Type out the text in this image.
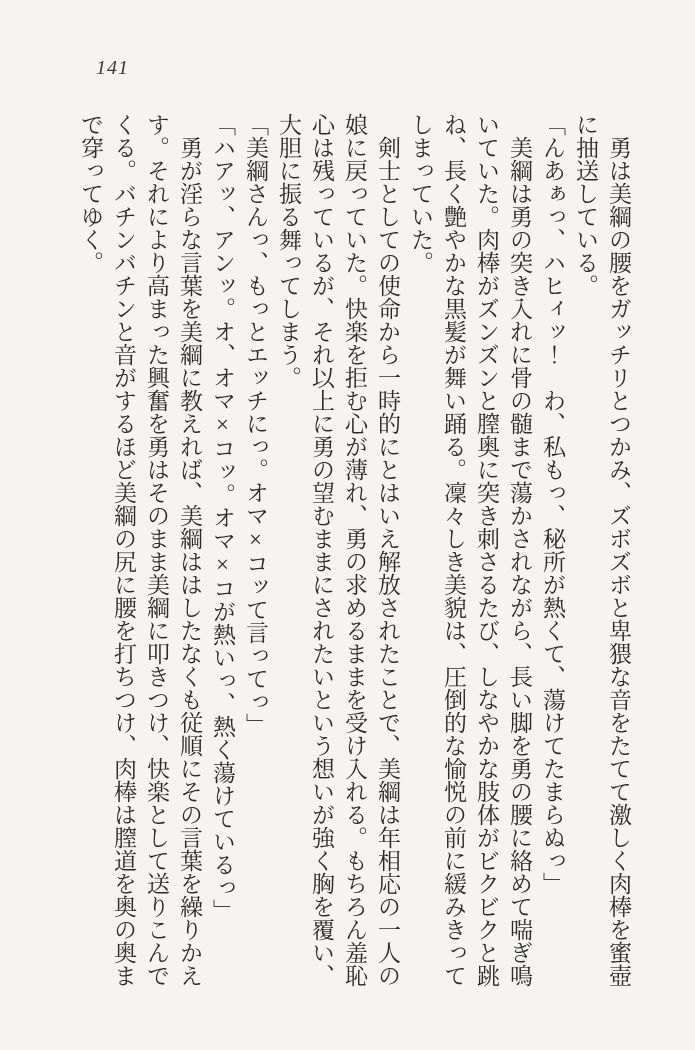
141

勇は美綱の腰をガッチリとつかみ、ズボズボと卑猥な音をたてて激しく肉棒を蜜壺に抽送している。

「んあぁっ、ハヒィッ！　わ、私もっ、秘所が熱くて、蕩けてたまらぬっ」

美綱は勇の突き入れに骨の髄まで蕩かされながら、長い脚を勇の腰に絡めて喘ぎ鳴いていた。肉棒がズンズンと膣奥に突き刺さるたび、しなやかな肢体がビクビクと跳ね、長く艶やかな黒髪が舞い踊る。凜々しき美貌は、圧倒的な愉悦の前に緩みきってしまっていた。

剣士としての使命から一時的にとはいえ解放されたことで、美綱は年相応の一人の娘に戻っていた。快楽を拒む心が薄れ、勇の求めるままを受け入れる。もちろん羞恥心は残っているが、それ以上に勇の望むままにされたいという想いが強く胸を覆い、大胆に振る舞ってしまう。

「美綱さんっ、もっとエッチにっ。オマ×コッて言ってっ」

「ハアッ、アンッ。オ、オマ×コッ。オマ×コが熱いっ、熱く蕩けているっ」

勇が淫らな言葉を美綱に教えれば、美綱ははしたなくも従順にその言葉を繰りかえす。それにより高まった興奮を勇はそのまま美綱に叩きつけ、快楽として送りこんでくる。バチンバチンと音がするほど美綱の尻に腰を打ちつけ、肉棒は膣道を奥の奥まで穿ってゆく。
